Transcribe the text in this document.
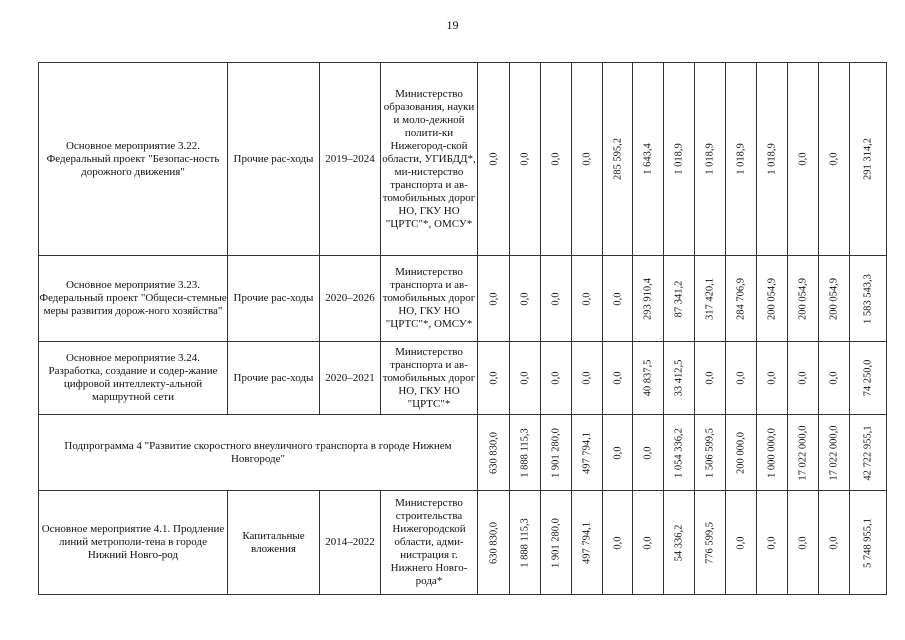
19
Основное мероприятие 3.22. Федеральный проект "Безопас-ность дорожного движения"	Прочие рас-ходы	2019–2024	Министерство образования, науки и моло-дежной полити-ки Нижегород-ской области, УГИБДД*, ми-нистерство транспорта и ав-томобильных дорог НО, ГКУ НО "ЦРТС"*, ОМСУ*	0,0	0,0	0,0	0,0	285 595,2	1 643,4	1 018,9	1 018,9	1 018,9	1 018,9	0,0	0,0	291 314,2

Основное мероприятие 3.23. Федеральный проект "Общеси-стемные меры развития дорож-ного хозяйства"	Прочие рас-ходы	2020–2026	Министерство транспорта и ав-томобильных дорог НО, ГКУ НО "ЦРТС"*, ОМСУ*	0,0	0,0	0,0	0,0	0,0	293 910,4	87 341,2	317 420,1	284 706,9	200 054,9	200 054,9	200 054,9	1 583 543,3

Основное мероприятие 3.24. Разработка, создание и содер-жание цифровой интеллекту-альной маршрутной сети	Прочие рас-ходы	2020–2021	Министерство транспорта и ав-томобильных дорог НО, ГКУ НО "ЦРТС"*	0,0	0,0	0,0	0,0	0,0	40 837,5	33 412,5	0,0	0,0	0,0	0,0	0,0	74 250,0

Подпрограмма 4 "Развитие скоростного внеуличного транспорта в городе Нижнем Новгороде"				630 830,0	1 888 115,3	1 901 280,0	497 794,1	0,0	0,0	1 054 336,2	1 506 599,5	200 000,0	1 000 000,0	17 022 000,0	17 022 000,0	42 722 955,1

Основное мероприятие 4.1. Продление линий метрополи-тена в городе Нижний Новго-род	Капитальные вложения	2014–2022	Министерство строительства Нижегородской области, адми-нистрация г. Нижнего Новго-рода*	630 830,0	1 888 115,3	1 901 280,0	497 794,1	0,0	0,0	54 336,2	776 599,5	0,0	0,0	0,0	0,0	5 748 955,1
